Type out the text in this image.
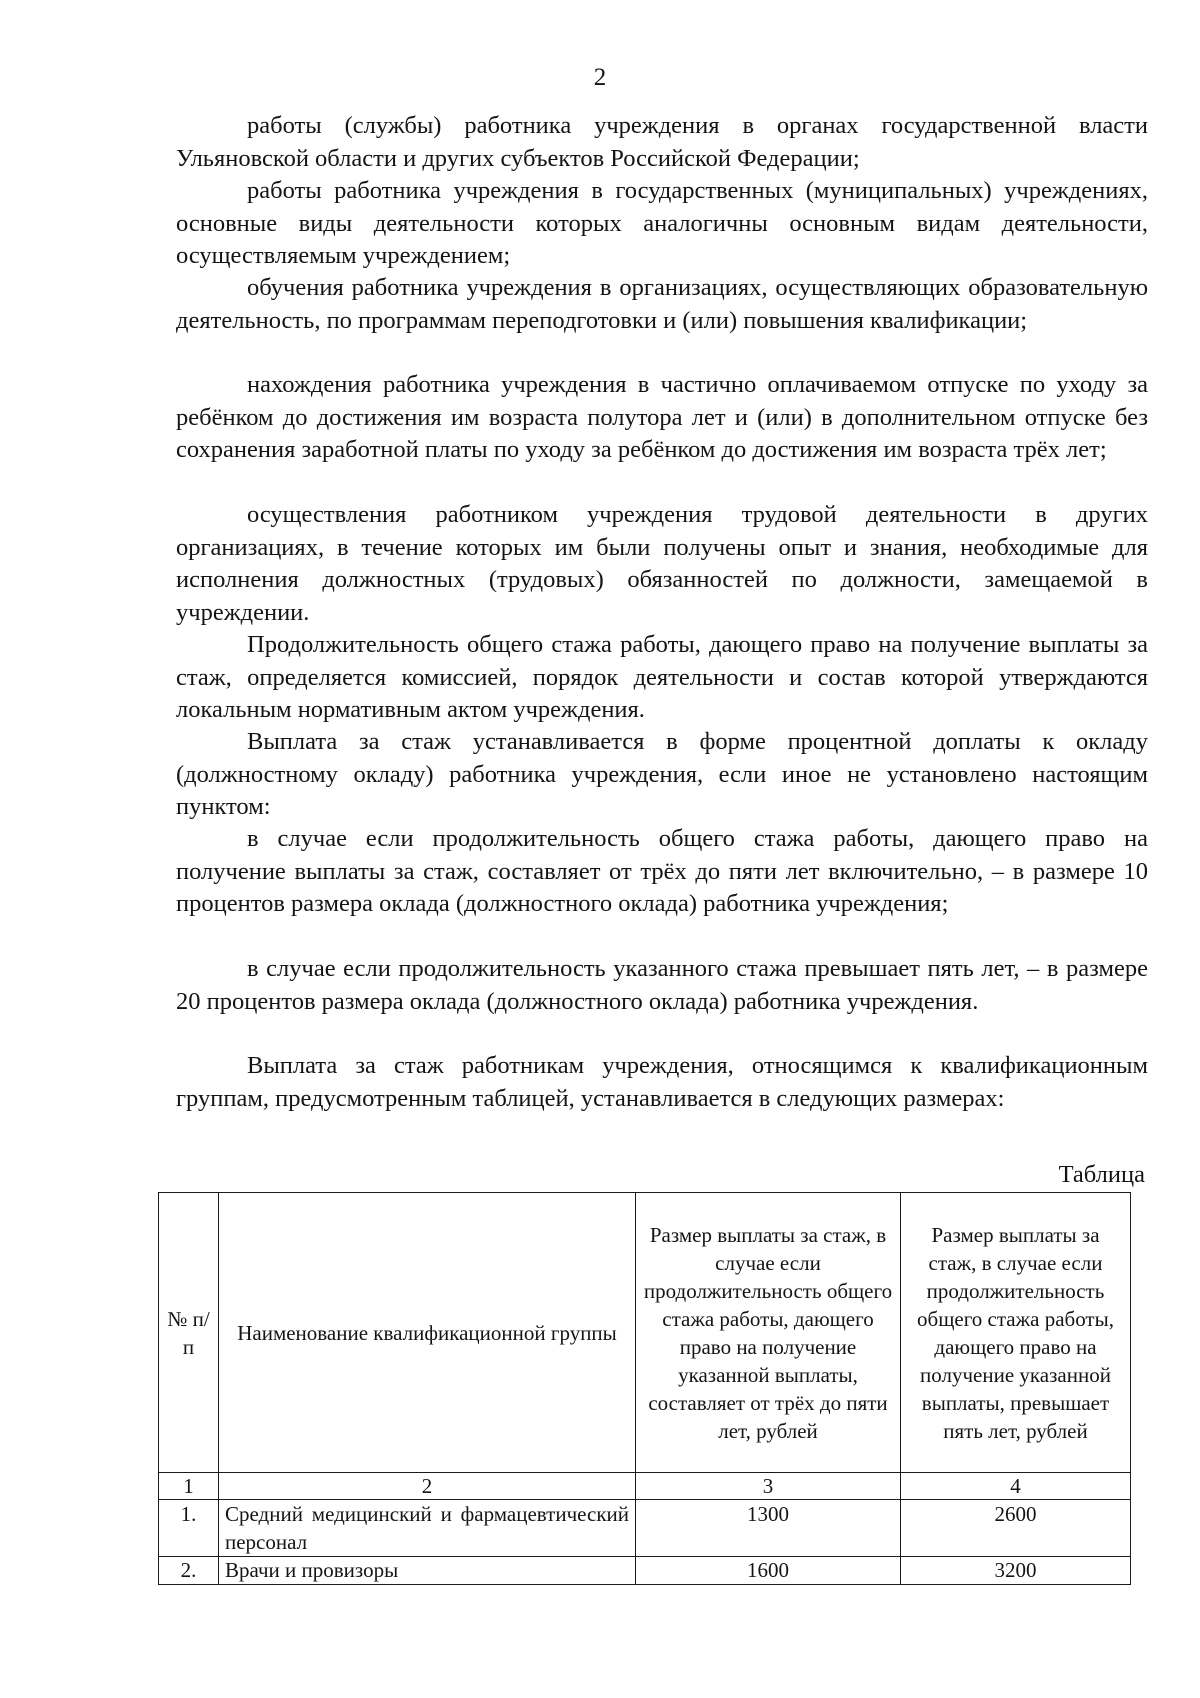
2

работы (службы) работника учреждения в органах государственной власти Ульяновской области и других субъектов Российской Федерации;

работы работника учреждения в государственных (муниципальных) учреждениях, основные виды деятельности которых аналогичны основным видам деятельности, осуществляемым учреждением;

обучения работника учреждения в организациях, осуществляющих образовательную деятельность, по программам переподготовки и (или) повышения квалификации;

нахождения работника учреждения в частично оплачиваемом отпуске по уходу за ребёнком до достижения им возраста полутора лет и (или) в дополнительном отпуске без сохранения заработной платы по уходу за ребёнком до достижения им возраста трёх лет;

осуществления работником учреждения трудовой деятельности в других организациях, в течение которых им были получены опыт и знания, необходимые для исполнения должностных (трудовых) обязанностей по должности, замещаемой в учреждении.

Продолжительность общего стажа работы, дающего право на получение выплаты за стаж, определяется комиссией, порядок деятельности и состав которой утверждаются локальным нормативным актом учреждения.

Выплата за стаж устанавливается в форме процентной доплаты к окладу (должностному окладу) работника учреждения, если иное не установлено настоящим пунктом:

в случае если продолжительность общего стажа работы, дающего право на получение выплаты за стаж, составляет от трёх до пяти лет включительно, – в размере 10 процентов размера оклада (должностного оклада) работника учреждения;

в случае если продолжительность указанного стажа превышает пять лет, – в размере 20 процентов размера оклада (должностного оклада) работника учреждения.

Выплата за стаж работникам учреждения, относящимся к квалификационным группам, предусмотренным таблицей, устанавливается в следующих размерах:

Таблица
№ п/п	Наименование квалификационной группы	Размер выплаты за стаж, в случае если продолжительность общего стажа работы, дающего право на получение указанной выплаты, составляет от трёх до пяти лет, рублей	Размер выплаты за стаж, в случае если продолжительность общего стажа работы, дающего право на получение указанной выплаты, превышает пять лет, рублей
1	2	3	4
1.	Средний медицинский и фармацевтический персонал	1300	2600
2.	Врачи и провизоры	1600	3200
